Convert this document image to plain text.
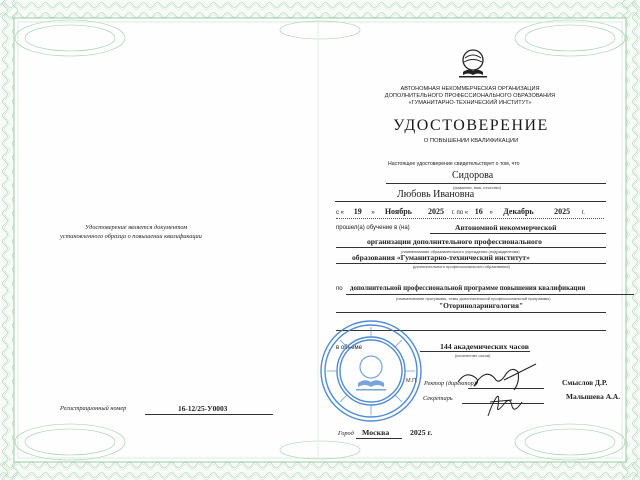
АВТОНОМНАЯ НЕКОММЕРЧЕСКАЯ ОРГАНИЗАЦИЯ
ДОПОЛНИТЕЛЬНОГО ПРОФЕССИОНАЛЬНОГО ОБРАЗОВАНИЯ
«ГУМАНИТАРНО-ТЕХНИЧЕСКИЙ ИНСТИТУТ»
УДОСТОВЕРЕНИЕ
О ПОВЫШЕНИИ КВАЛИФИКАЦИИ
Настоящее удостоверение свидетельствует о том, что
Сидорова
(фамилия, имя, отчество)
Любовь Ивановна
с « 19 » Ноябрь 2025 г. по « 16 » Декабрь	2025 г.
прошел(а) обучение в (на)	Автономной некоммерческой
организации дополнительного профессионального
(наименование образовательного учреждения (подразделения)
образования «Гуманитарно-технический институт»
дополнительного профессионального образования)
по дополнительной профессиональной программе повышения квалификации
(наименование программы, темы дополнительной профессиональной программы)
"Оториноларингология"
в объеме	144 академических часов
(количество часов)
М.П. Ректор (директор)	Смыслов Д.Р.
Секретарь	Малышева А.А.
Удостоверение является документом
установленного образца о повышении квалификации
Регистрационный номер	16-12/25-У0003
Город Москва	2025 г.
